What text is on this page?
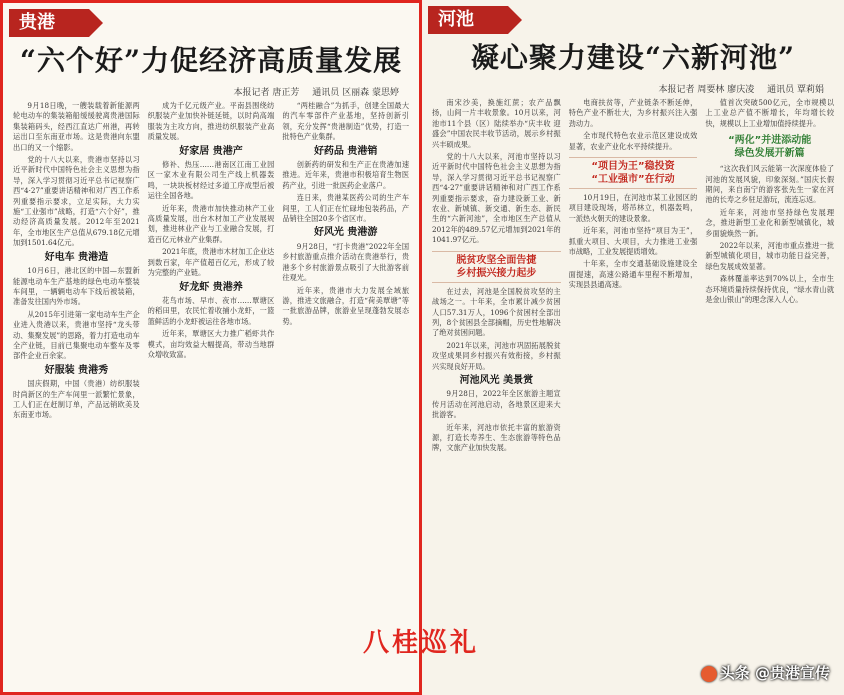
贵港
“六个好”力促经济高质量发展
本报记者 唐正芳 通讯员 区丽森 蒙思婷

9月18日晚，一艘装载着新能源两轮电动车的集装箱船缓缓驶离贵港国际集装箱码头，经西江直达广州港，再转运出口至东南亚市场。这是贵港向东盟出口的又一个缩影。

党的十八大以来，贵港市坚持以习近平新时代中国特色社会主义思想为指导，深入学习贯彻习近平总书记视察广西“4·27”重要讲话精神和对广西工作系列重要指示要求，立足实际，大力实施“工业强市”战略，打造“六个好”，推动经济高质量发展。2012年至2021年，全市地区生产总值从679.18亿元增加到1501.64亿元。

好电车 贵港造

10月6日，港北区的中国—东盟新能源电动车生产基地的绿色电动车整装车间里，一辆辆电动车下线后被装箱，准备发往国内外市场。

从2015年引进第一家电动车生产企业进入贵港以来，贵港市坚持“龙头带动、集聚发展”的思路，着力打造电动车全产业链，目前已集聚电动车整车及零部件企业百余家。

好服装 贵港秀

国庆假期，中国（贵港）纺织服装时尚新区的生产车间里一派繁忙景象，工人们正在赶制订单，产品远销欧美及东南亚市场。

成为千亿元级产业。平南县围绕纺织服装产业加快补链延链，以时尚高端服装为主攻方向，推进纺织服装产业高质量发展。

好家居 贵港产

修补、热压……港南区江南工业园区一家木业有限公司生产线上机器轰鸣，一块块板材经过多道工序成型后被运往全国各地。

近年来，贵港市加快推动林产工业高质量发展，出台木材加工产业发展规划，推进林业产业与工业融合发展，打造百亿元林业产业集群。

2021年底，贵港市木材加工企业达到数百家，年产值超百亿元，形成了较为完整的产业链。

好龙虾 贵港养

花鸟市场、早市、夜市……覃塘区的稻田里，农民忙着收捕小龙虾，一篮篮鲜活的小龙虾被运往各地市场。

近年来，覃塘区大力推广稻虾共作模式，亩均效益大幅提高，带动当地群众增收致富。

“两桂融合”为抓手，创建全国最大的汽车零部件产业基地，坚持创新引领，充分发挥“贵港制造”优势，打造一批特色产业集群。

好药品 贵港销

创新药的研发和生产正在贵港加速推进。近年来，贵港市积极培育生物医药产业，引进一批医药企业落户。

连日来，贵港某医药公司的生产车间里，工人们正在忙碌地包装药品，产品销往全国20多个省区市。

好风光 贵港游

9月28日，“打卡贵港”2022年全国乡村旅游重点推介活动在贵港举行，贵港多个乡村旅游景点吸引了大批游客前往观光。

近年来，贵港市大力发展全域旅游，推进文旅融合，打造“荷美覃塘”等一批旅游品牌，旅游业呈现蓬勃发展态势。

河池
凝心聚力建设“六新河池”
本报记者 周要林 廖庆凌 通讯员 覃莉娟

南宋沙美，换施红蔗；农产品飘扬，山间一片丰收景象。10月以来，河池市11个县（区）陆续举办“庆丰收 迎盛会”中国农民丰收节活动，展示乡村振兴丰硕成果。

党的十八大以来，河池市坚持以习近平新时代中国特色社会主义思想为指导，深入学习贯彻习近平总书记视察广西“4·27”重要讲话精神和对广西工作系列重要指示要求，奋力建设新工业、新农业、新城镇、新交通、新生态、新民生的“六新河池”，全市地区生产总值从2012年的489.57亿元增加到2021年的1041.97亿元。

脱贫攻坚全面告捷
乡村振兴接力起步

在过去，河池是全国脱贫攻坚的主战场之一。十年来，全市累计减少贫困人口57.31万人，1096个贫困村全部出列，8个贫困县全部摘帽，历史性地解决了绝对贫困问题。

2021年以来，河池市巩固拓展脱贫攻坚成果同乡村振兴有效衔接，乡村振兴实现良好开局。

河池风光 美景赏

9月28日，2022年全区旅游主题宣传月活动在河池启动，各地景区迎来大批游客。

近年来，河池市依托丰富的旅游资源，打造长寿养生、生态旅游等特色品牌，文旅产业加快发展。

电商扶贫等，产业链条不断延伸，特色产业不断壮大，为乡村振兴注入强劲动力。

全市现代特色农业示范区建设成效显著，农业产业化水平持续提升。

“项目为王”稳投资
“工业强市”在行动

10月19日，在河池市某工业园区的项目建设现场，塔吊林立，机器轰鸣，一派热火朝天的建设景象。

近年来，河池市坚持“项目为王”，抓重大项目、大项目，大力推进工业强市战略，工业发展提质增效。

十年来，全市交通基础设施建设全面提速，高速公路通车里程不断增加，实现县县通高速。

值首次突破500亿元，全市规模以上工业总产值不断增长，年均增长较快，规模以上工业增加值持续提升。

“两化”并进添动能
绿色发展开新篇

“这次我们风云能第一次深度体验了河池的发展风貌，印象深刻。”国庆长假期间，来自南宁的游客张先生一家在河池的长寿之乡驻足游玩，流连忘返。

近年来，河池市坚持绿色发展理念，推进新型工业化和新型城镇化，城乡面貌焕然一新。

2022年以来，河池市重点推进一批新型城镇化项目，城市功能日益完善，绿色发展成效显著。

森林覆盖率达到70%以上，全市生态环境质量持续保持优良，“绿水青山就是金山银山”的理念深入人心。

八桂巡礼
头条 @贵港宣传
